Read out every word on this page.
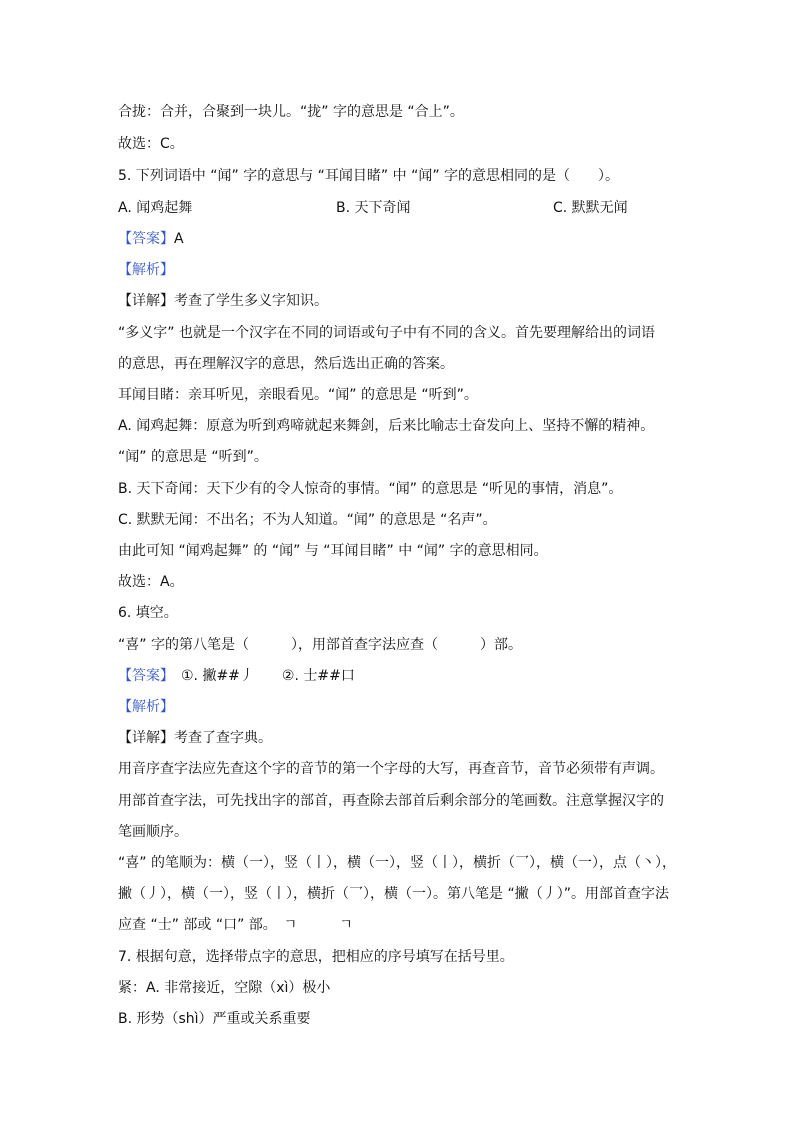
合拢：合并，合聚到一块儿。“拢” 字的意思是 “合上”。

故选：C。

5. 下列词语中 “闻” 字的意思与 “耳闻目睹” 中 “闻” 字的意思相同的是（　　）。

A. 闻鸡起舞	B. 天下奇闻	C. 默默无闻

【答案】A

【解析】

【详解】考查了学生多义字知识。

“多义字” 也就是一个汉字在不同的词语或句子中有不同的含义。首先要理解给出的词语

的意思，再在理解汉字的意思，然后选出正确的答案。

耳闻目睹：亲耳听见，亲眼看见。“闻” 的意思是 “听到”。

A. 闻鸡起舞：原意为听到鸡啼就起来舞剑，后来比喻志士奋发向上、坚持不懈的精神。

“闻” 的意思是 “听到”。

B. 天下奇闻：天下少有的令人惊奇的事情。“闻” 的意思是 “听见的事情，消息”。

C. 默默无闻：不出名；不为人知道。“闻” 的意思是 “名声”。

由此可知 “闻鸡起舞” 的 “闻” 与 “耳闻目睹” 中 “闻” 字的意思相同。

故选：A。

6. 填空。

“喜” 字的第八笔是（　　　），用部首查字法应查（　　　）部。

【答案】　①. 撇##丿　　②. 士##口

【解析】

【详解】考查了查字典。

用音序查字法应先查这个字的音节的第一个字母的大写，再查音节，音节必须带有声调。

用部首查字法，可先找出字的部首，再查除去部首后剩余部分的笔画数。注意掌握汉字的

笔画顺序。

“喜” 的笔顺为：横（一），竖（丨），横（一），竖（丨），横折（乛），横（一），点（丶），

撇（丿），横（一），竖（丨），横折（乛），横（一）。第八笔是 “撇（丿）”。用部首查字法

应查 “士” 部或 “口” 部。　ㄱ　　　ㄱ

7. 根据句意，选择带点字的意思，把相应的序号填写在括号里。

紧：A. 非常接近，空隙（xì）极小

B. 形势（shì）严重或关系重要
